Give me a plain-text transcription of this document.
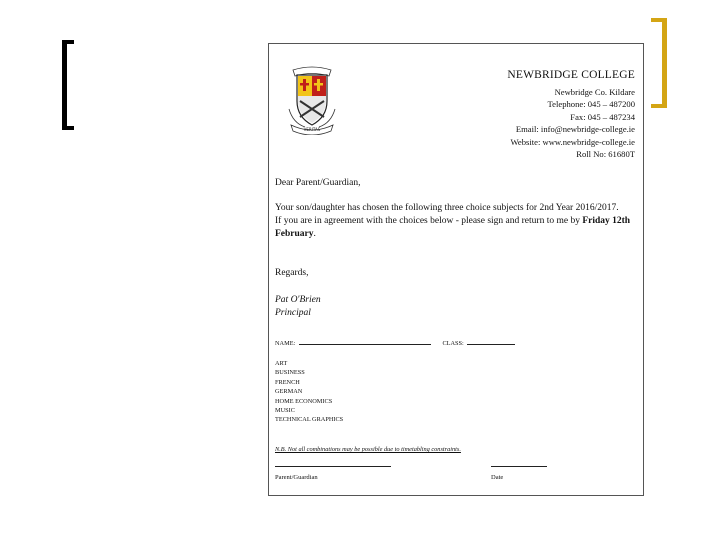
VERITAS
NEWBRIDGE COLLEGE
Newbridge Co. Kildare
Telephone: 045 – 487200
Fax: 045 – 487234
Email: info@newbridge-college.ie
Website: www.newbridge-college.ie
Roll No: 61680T
Dear Parent/Guardian,

Your son/daughter has chosen the following three choice subjects for 2nd Year 2016/2017.

If you are in agreement with the choices below - please sign and return to me by Friday 12th February.

Regards,
Pat O'Brien
Principal
NAME:	CLASS:
ART
BUSINESS
FRENCH
GERMAN
HOME ECONOMICS
MUSIC
TECHNICAL GRAPHICS
N.B. Not all combinations may be possible due to timetabling constraints.
Parent/Guardian	Date
